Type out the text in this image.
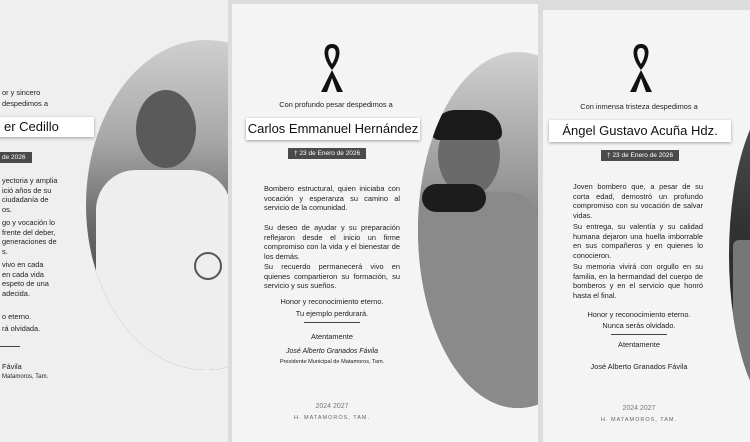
or y sincero
despedimos a
er Cedillo
de 2026
yectoria y amplia
ició años de su
ciudadanía de
os.
go y vocación lo
frente del deber,
generaciones de
s.
vivo en cada
en cada vida
espeto de una
adecida.
o eterno.
rá olvidada.
Fávila
Matamoros, Tam.
Con profundo pesar despedimos a
Carlos Emmanuel Hernández
† 23 de Enero de 2026
Bombero estructural, quien iniciaba con vocación y esperanza su camino al servicio de la comunidad.
Su deseo de ayudar y su preparación reflejaron desde el inicio un firme compromiso con la vida y el bienestar de los demás.
Su recuerdo permanecerá vivo en quienes compartieron su formación, su servicio y sus sueños.
Honor y reconocimiento eterno.
Tu ejemplo perdurará.
Atentamente
José Alberto Granados Fávila
Presidente Municipal de Matamoros, Tam.
2024 2027
H. MATAMOROS, TAM.
Con inmensa tristeza despedimos a
Ángel Gustavo Acuña Hdz.
† 23 de Enero de 2026
Joven bombero que, a pesar de su corta edad, demostró un profundo compromiso con su vocación de salvar vidas.
Su entrega, su valentía y su calidad humana dejaron una huella imborrable en sus compañeros y en quienes lo conocieron.
Su memoria vivirá con orgullo en su familia, en la hermandad del cuerpo de bomberos y en el servicio que honró hasta el final.
Honor y reconocimiento eterno.
Nunca serás olvidado.
Atentamente
José Alberto Granados Fávila
2024 2027
H. MATAMOROS, TAM.
